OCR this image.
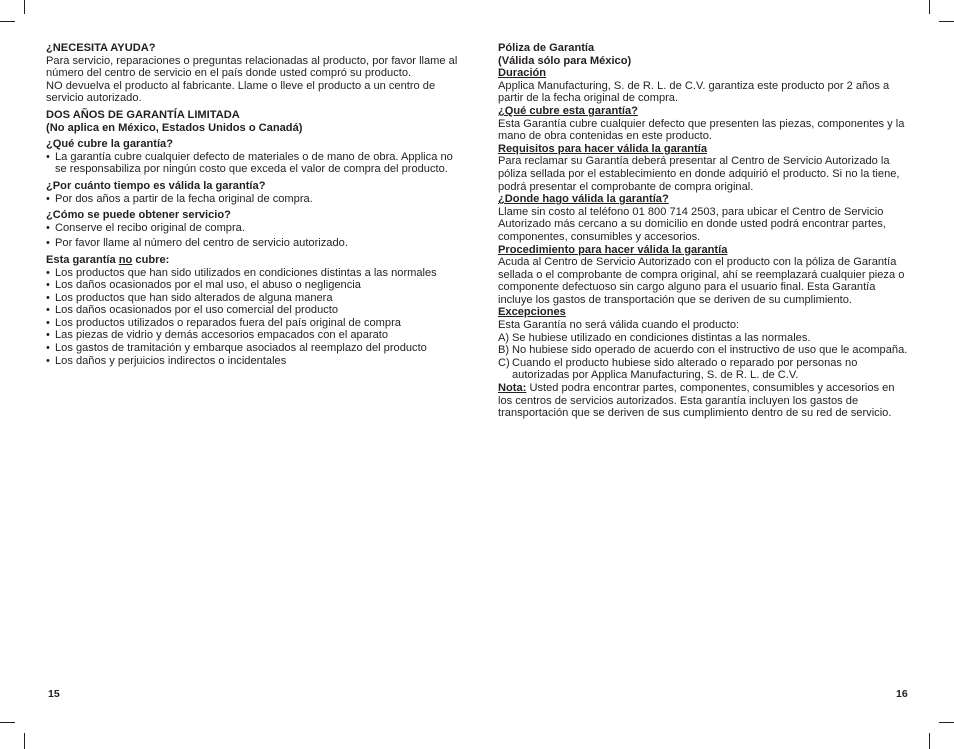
¿NECESITA AYUDA?

Para servicio, reparaciones o preguntas relacionadas al producto, por favor llame al número del centro de servicio en el país donde usted compró su producto.

NO devuelva el producto al fabricante. Llame o lleve el producto a un centro de servicio autorizado.

DOS AÑOS DE GARANTÍA LIMITADA

(No aplica en México, Estados Unidos o Canadá)

¿Qué cubre la garantía?

• La garantía cubre cualquier defecto de materiales o de mano de obra. Applica no se responsabiliza por ningún costo que exceda el valor de compra del producto.

¿Por cuánto tiempo es válida la garantía?

• Por dos años a partir de la fecha original de compra.

¿Cómo se puede obtener servicio?

• Conserve el recibo original de compra.
• Por favor llame al número del centro de servicio autorizado.

Esta garantía no cubre:

• Los productos que han sido utilizados en condiciones distintas a las normales
• Los daños ocasionados por el mal uso, el abuso o negligencia
• Los productos que han sido alterados de alguna manera
• Los daños ocasionados por el uso comercial del producto
• Los productos utilizados o reparados fuera del país original de compra
• Las piezas de vidrio y demás accesorios empacados con el aparato
• Los gastos de tramitación y embarque asociados al reemplazo del producto
• Los daños y perjuicios indirectos o incidentales
15

Póliza de Garantía

(Válida sólo para México)

Duración

Applica Manufacturing, S. de R. L. de C.V. garantiza este producto por 2 años a partir de la fecha original de compra.

¿Qué cubre esta garantía?

Esta Garantía cubre cualquier defecto que presenten las piezas, componentes y la mano de obra contenidas en este producto.

Requisitos para hacer válida la garantía

Para reclamar su Garantía deberá presentar al Centro de Servicio Autorizado la póliza sellada por el establecimiento en donde adquirió el producto. Si no la tiene, podrá presentar el comprobante de compra original.

¿Donde hago válida la garantía?

Llame sin costo al teléfono 01 800 714 2503, para ubicar el Centro de Servicio Autorizado más cercano a su domicilio en donde usted podrá encontrar partes, componentes, consumibles y accesorios.

Procedimiento para hacer válida la garantía

Acuda al Centro de Servicio Autorizado con el producto con la póliza de Garantía sellada o el comprobante de compra original, ahí se reemplazará cualquier pieza o componente defectuoso sin cargo alguno para el usuario final. Esta Garantía incluye los gastos de transportación que se deriven de su cumplimiento.

Excepciones

Esta Garantía no será válida cuando el producto:

A) Se hubiese utilizado en condiciones distintas a las normales.
B) No hubiese sido operado de acuerdo con el instructivo de uso que le acompaña.
C) Cuando el producto hubiese sido alterado o reparado por personas no autorizadas por Applica Manufacturing, S. de R. L. de C.V.

Nota: Usted podra encontrar partes, componentes, consumibles y accesorios en los centros de servicios autorizados. Esta garantía incluyen los gastos de transportación que se deriven de sus cumplimiento dentro de su red de servicio.

16
